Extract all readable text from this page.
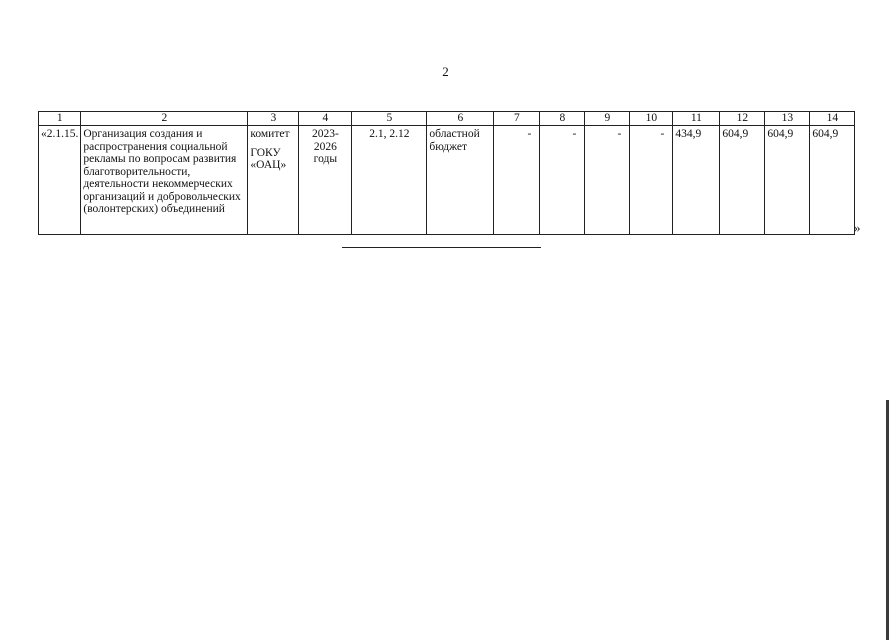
2
1	2	3	4	5	6	7	8	9	10	11	12	13	14
«2.1.15.	Организация создания и распространения социальной рекламы по вопросам развития благотворительности, деятельности некоммерческих организаций и добровольческих (волонтерских) объединений	комитет
ГОКУ «ОАЦ»	2023-2026 годы	2.1, 2.12	областной бюджет	-	-	-	-	434,9	604,9	604,9	604,9
»
